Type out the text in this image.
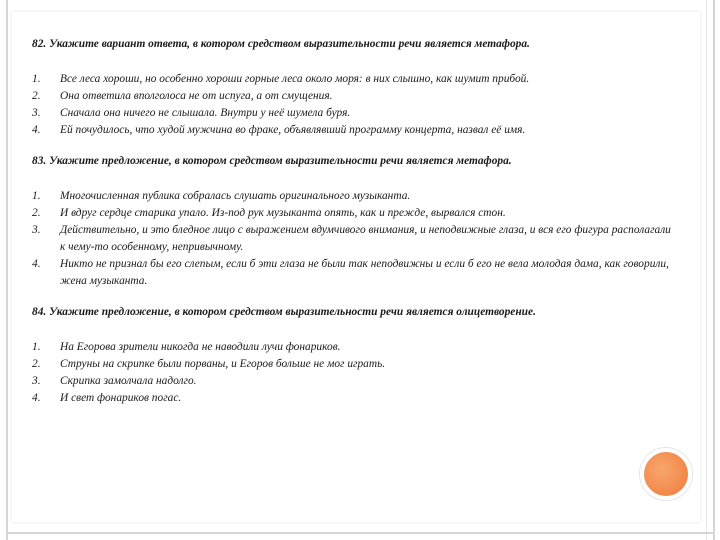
82. Укажите вариант ответа, в котором средством выразительности речи является метафора.

1.	Все леса хороши, но особенно хороши горные леса около моря: в них слышно, как шумит прибой.
2.	Она ответила вполголоса не от испуга, а от смущения.
3.	Сначала она ничего не слышала. Внутри у неё шумела буря.
4.	Ей почудилось, что худой мужчина во фраке, объявлявший программу концерта, назвал её имя.

83. Укажите предложение, в котором средством выразительности речи является метафора.

1.	Многочисленная публика собралась слушать оригинального музыканта.
2.	И вдруг сердце старика упало. Из-под рук музыканта опять, как и прежде, вырвался стон.
3.	Действительно, и это бледное лицо с выражением вдумчивого внимания, и неподвижные глаза, и вся его фигура располагали к чему-то особенному, непривычному.
4.	Никто не признал бы его слепым, если б эти глаза не были так неподвижны и если б его не вела молодая дама, как говорили, жена музыканта.

84. Укажите предложение, в котором средством выразительности речи является олицетворение.

1.	На Егорова зрители никогда не наводили лучи фонариков.
2.	Струны на скрипке были порваны, и Егоров больше не мог играть.
3.	Скрипка замолчала надолго.
4.	И свет фонариков погас.
